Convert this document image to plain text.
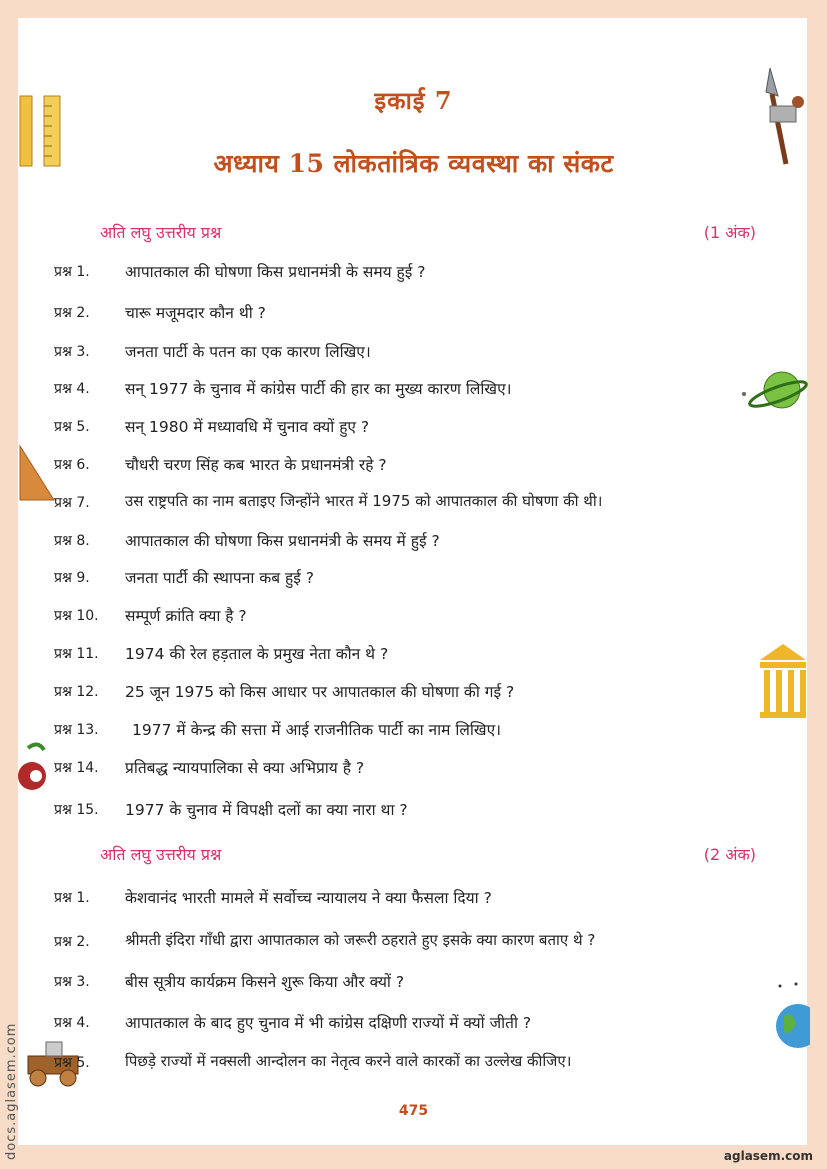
इकाई 7
अध्याय 15 लोकतांत्रिक व्यवस्था का संकट
अति लघु उत्तरीय प्रश्न	(1 अंक)
प्रश्न 1. आपातकाल की घोषणा किस प्रधानमंत्री के समय हुई ?
प्रश्न 2. चारू मजूमदार कौन थी ?
प्रश्न 3. जनता पार्टी के पतन का एक कारण लिखिए।
प्रश्न 4. सन् 1977 के चुनाव में कांग्रेस पार्टी की हार का मुख्य कारण लिखिए।
प्रश्न 5. सन् 1980 में मध्यावधि में चुनाव क्यों हुए ?
प्रश्न 6. चौधरी चरण सिंह कब भारत के प्रधानमंत्री रहे ?
प्रश्न 7. उस राष्ट्रपति का नाम बताइए जिन्होंने भारत में 1975 को आपातकाल की घोषणा की थी।
प्रश्न 8. आपातकाल की घोषणा किस प्रधानमंत्री के समय में हुई ?
प्रश्न 9. जनता पार्टी की स्थापना कब हुई ?
प्रश्न 10. सम्पूर्ण क्रांति क्या है ?
प्रश्न 11. 1974 की रेल हड़ताल के प्रमुख नेता कौन थे ?
प्रश्न 12. 25 जून 1975 को किस आधार पर आपातकाल की घोषणा की गई ?
प्रश्न 13. 1977 में केन्द्र की सत्ता में आई राजनीतिक पार्टी का नाम लिखिए।
प्रश्न 14. प्रतिबद्ध न्यायपालिका से क्या अभिप्राय है ?
प्रश्न 15. 1977 के चुनाव में विपक्षी दलों का क्या नारा था ?
अति लघु उत्तरीय प्रश्न	(2 अंक)
प्रश्न 1. केशवानंद भारती मामले में सर्वोच्च न्यायालय ने क्या फैसला दिया ?
प्रश्न 2. श्रीमती इंदिरा गाँधी द्वारा आपातकाल को जरूरी ठहराते हुए इसके क्या कारण बताए थे ?
प्रश्न 3. बीस सूत्रीय कार्यक्रम किसने शुरू किया और क्यों ?
प्रश्न 4. आपातकाल के बाद हुए चुनाव में भी कांग्रेस दक्षिणी राज्यों में क्यों जीती ?
प्रश्न 5. पिछड़े राज्यों में नक्सली आन्दोलन का नेतृत्व करने वाले कारकों का उल्लेख कीजिए।
475
docs.aglasem.com	aglasem.com
